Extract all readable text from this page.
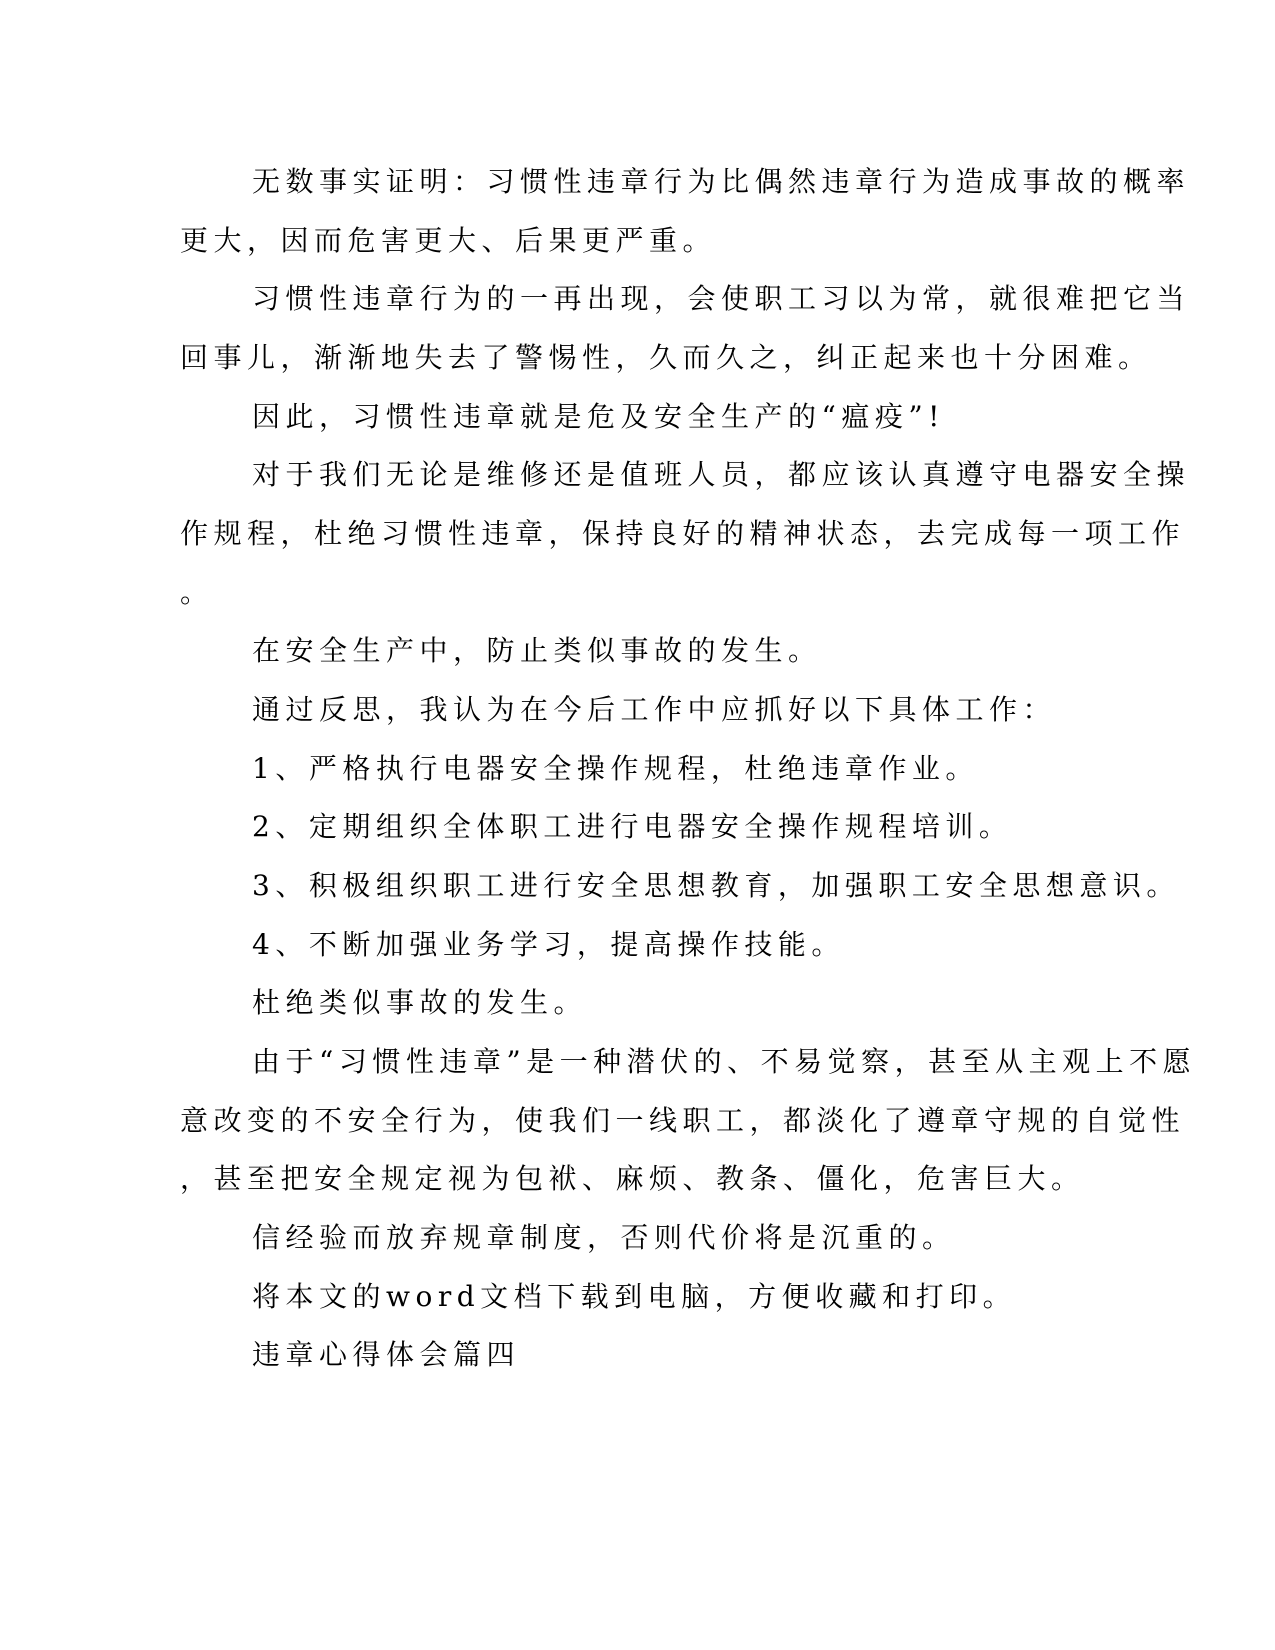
无数事实证明：习惯性违章行为比偶然违章行为造成事故的概率
更大，因而危害更大、后果更严重。
习惯性违章行为的一再出现，会使职工习以为常，就很难把它当
回事儿，渐渐地失去了警惕性，久而久之，纠正起来也十分困难。
因此，习惯性违章就是危及安全生产的“瘟疫”!
对于我们无论是维修还是值班人员，都应该认真遵守电器安全操
作规程，杜绝习惯性违章，保持良好的精神状态，去完成每一项工作
。
在安全生产中，防止类似事故的发生。
通过反思，我认为在今后工作中应抓好以下具体工作：
1、严格执行电器安全操作规程，杜绝违章作业。
2、定期组织全体职工进行电器安全操作规程培训。
3、积极组织职工进行安全思想教育，加强职工安全思想意识。
4、不断加强业务学习，提高操作技能。
杜绝类似事故的发生。
由于“习惯性违章”是一种潜伏的、不易觉察，甚至从主观上不愿
意改变的不安全行为，使我们一线职工，都淡化了遵章守规的自觉性
，甚至把安全规定视为包袱、麻烦、教条、僵化，危害巨大。
信经验而放弃规章制度，否则代价将是沉重的。
将本文的word文档下载到电脑，方便收藏和打印。
违章心得体会篇四
